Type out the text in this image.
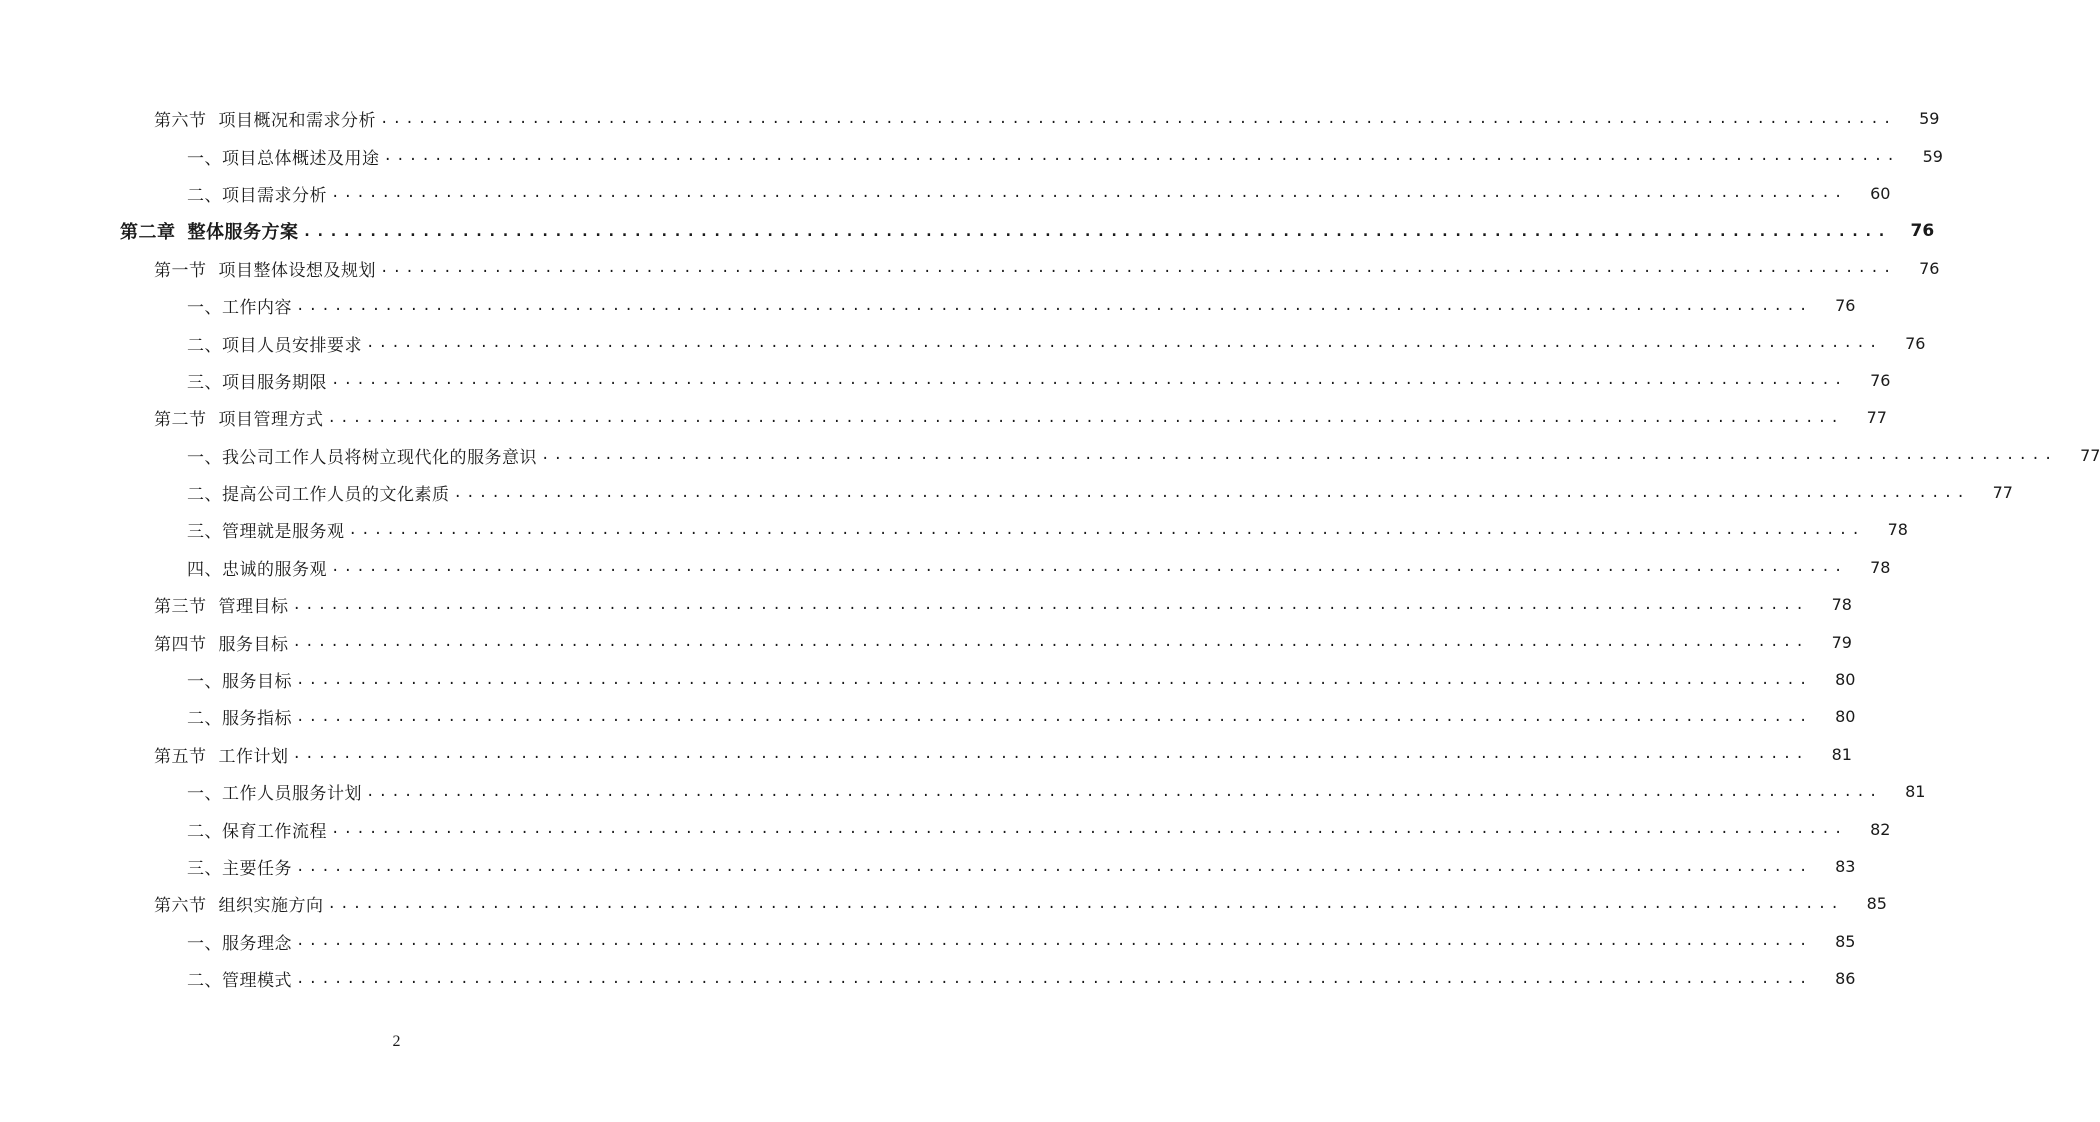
第六节 项目概况和需求分析 ........................................................................................................................	59
一、项目总体概述及用途 ........................................................................................................................	59
二、项目需求分析 ........................................................................................................................	60
第二章 整体服务方案 ........................................................................................................................	76
第一节 项目整体设想及规划 ........................................................................................................................	76
一、工作内容 ........................................................................................................................	76
二、项目人员安排要求 ........................................................................................................................	76
三、项目服务期限 ........................................................................................................................	76
第二节 项目管理方式 ........................................................................................................................	77
一、我公司工作人员将树立现代化的服务意识 ........................................................................................................................	77
二、提高公司工作人员的文化素质 ........................................................................................................................	77
三、管理就是服务观 ........................................................................................................................	78
四、忠诚的服务观 ........................................................................................................................	78
第三节 管理目标 ........................................................................................................................	78
第四节 服务目标 ........................................................................................................................	79
一、服务目标 ........................................................................................................................	80
二、服务指标 ........................................................................................................................	80
第五节 工作计划 ........................................................................................................................	81
一、工作人员服务计划 ........................................................................................................................	81
二、保育工作流程 ........................................................................................................................	82
三、主要任务 ........................................................................................................................	83
第六节 组织实施方向 ........................................................................................................................	85
一、服务理念 ........................................................................................................................	85
二、管理模式 ........................................................................................................................	86
2
